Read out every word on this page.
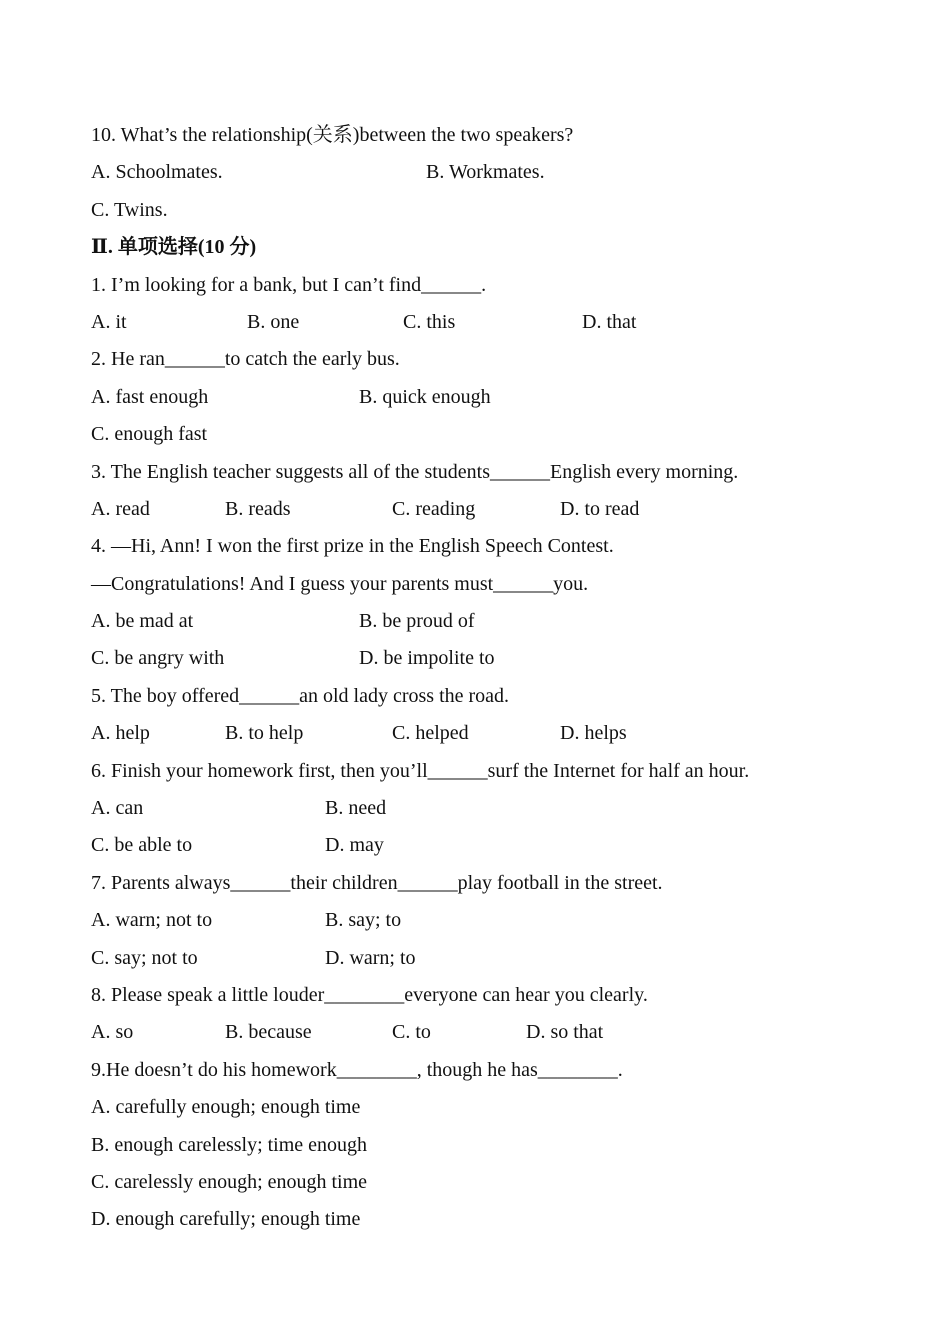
10. What’s the relationship(关系)between the two speakers?
A. Schoolmates.	B. Workmates.
C. Twins.
Ⅱ. 单项选择(10 分)
1. I’m looking for a bank, but I can’t find______.
A. it	B. one	C. this	D. that
2. He ran______to catch the early bus.
A. fast enough	B. quick enough
C. enough fast
3. The English teacher suggests all of the students______English every morning.
A. read	B. reads	C. reading	D. to read
4. —Hi, Ann! I won the first prize in the English Speech Contest.
—Congratulations! And I guess your parents must______you.
A. be mad at	B. be proud of
C. be angry with	D. be impolite to
5. The boy offered______an old lady cross the road.
A. help	B. to help	C. helped	D. helps
6. Finish your homework first, then you’ll______surf the Internet for half an hour.
A. can	B. need
C. be able to	D. may
7. Parents always______their children______play football in the street.
A. warn; not to	B. say; to
C. say; not to	D. warn; to
8. Please speak a little louder________everyone can hear you clearly.
A. so	B. because	C. to	D. so that
9.He doesn’t do his homework________, though he has________.
A. carefully enough; enough time
B. enough carelessly; time enough
C. carelessly enough; enough time
D. enough carefully; enough time
